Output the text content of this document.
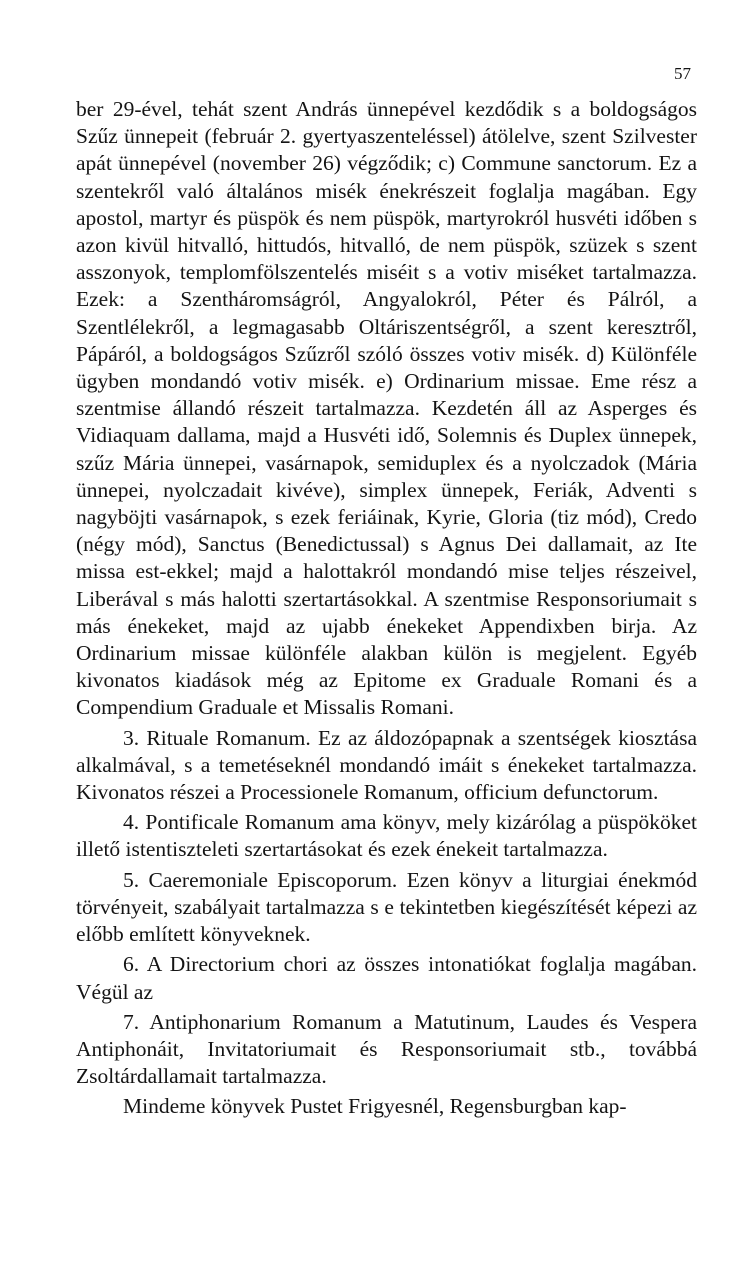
57

ber 29-ével, tehát szent András ünnepével kezdődik s a boldogságos Szűz ünnepeit (február 2. gyertyaszenteléssel) átölelve, szent Szilvester apát ünnepével (november 26) végződik; c) Commune sanctorum. Ez a szentekről való általános misék énekrészeit foglalja magában. Egy apostol, martyr és püspök és nem püspök, martyrokról husvéti időben s azon kivül hitvalló, hittudós, hitvalló, de nem püspök, szüzek s szent asszonyok, templomfölszentelés miséit s a votiv miséket tartalmazza. Ezek: a Szentháromságról, Angyalokról, Péter és Pálról, a Szentlélekről, a legmagasabb Oltáriszentségről, a szent keresztről, Pápáról, a boldogságos Szűzről szóló összes votiv misék. d) Különféle ügyben mondandó votiv misék. e) Ordinarium missae. Eme rész a szentmise állandó részeit tartalmazza. Kezdetén áll az Asperges és Vidiaquam dallama, majd a Husvéti idő, Solemnis és Duplex ünnepek, szűz Mária ünnepei, vasárnapok, semiduplex és a nyolczadok (Mária ünnepei, nyolczadait kivéve), simplex ünnepek, Feriák, Adventi s nagyböjti vasárnapok, s ezek feriáinak, Kyrie, Gloria (tiz mód), Credo (négy mód), Sanctus (Benedictussal) s Agnus Dei dallamait, az Ite missa est-ekkel; majd a halottakról mondandó mise teljes részeivel, Liberával s más halotti szertartásokkal. A szentmise Responsoriumait s más énekeket, majd az ujabb énekeket Appendixben birja. Az Ordinarium missae különféle alakban külön is megjelent. Egyéb kivonatos kiadások még az Epitome ex Graduale Romani és a Compendium Graduale et Missalis Romani.

3. Rituale Romanum. Ez az áldozópapnak a szentségek kiosztása alkalmával, s a temetéseknél mondandó imáit s énekeket tartalmazza. Kivonatos részei a Processionele Romanum, officium defunctorum.

4. Pontificale Romanum ama könyv, mely kizárólag a püspököket illető istentiszteleti szertartásokat és ezek énekeit tartalmazza.

5. Caeremoniale Episcoporum. Ezen könyv a liturgiai énekmód törvényeit, szabályait tartalmazza s e tekintetben kiegészítését képezi az előbb említett könyveknek.

6. A Directorium chori az összes intonatiókat foglalja magában. Végül az

7. Antiphonarium Romanum a Matutinum, Laudes és Vespera Antiphonáit, Invitatoriumait és Responsoriumait stb., továbbá Zsoltárdallamait tartalmazza.

Mindeme könyvek Pustet Frigyesnél, Regensburgban kap-
